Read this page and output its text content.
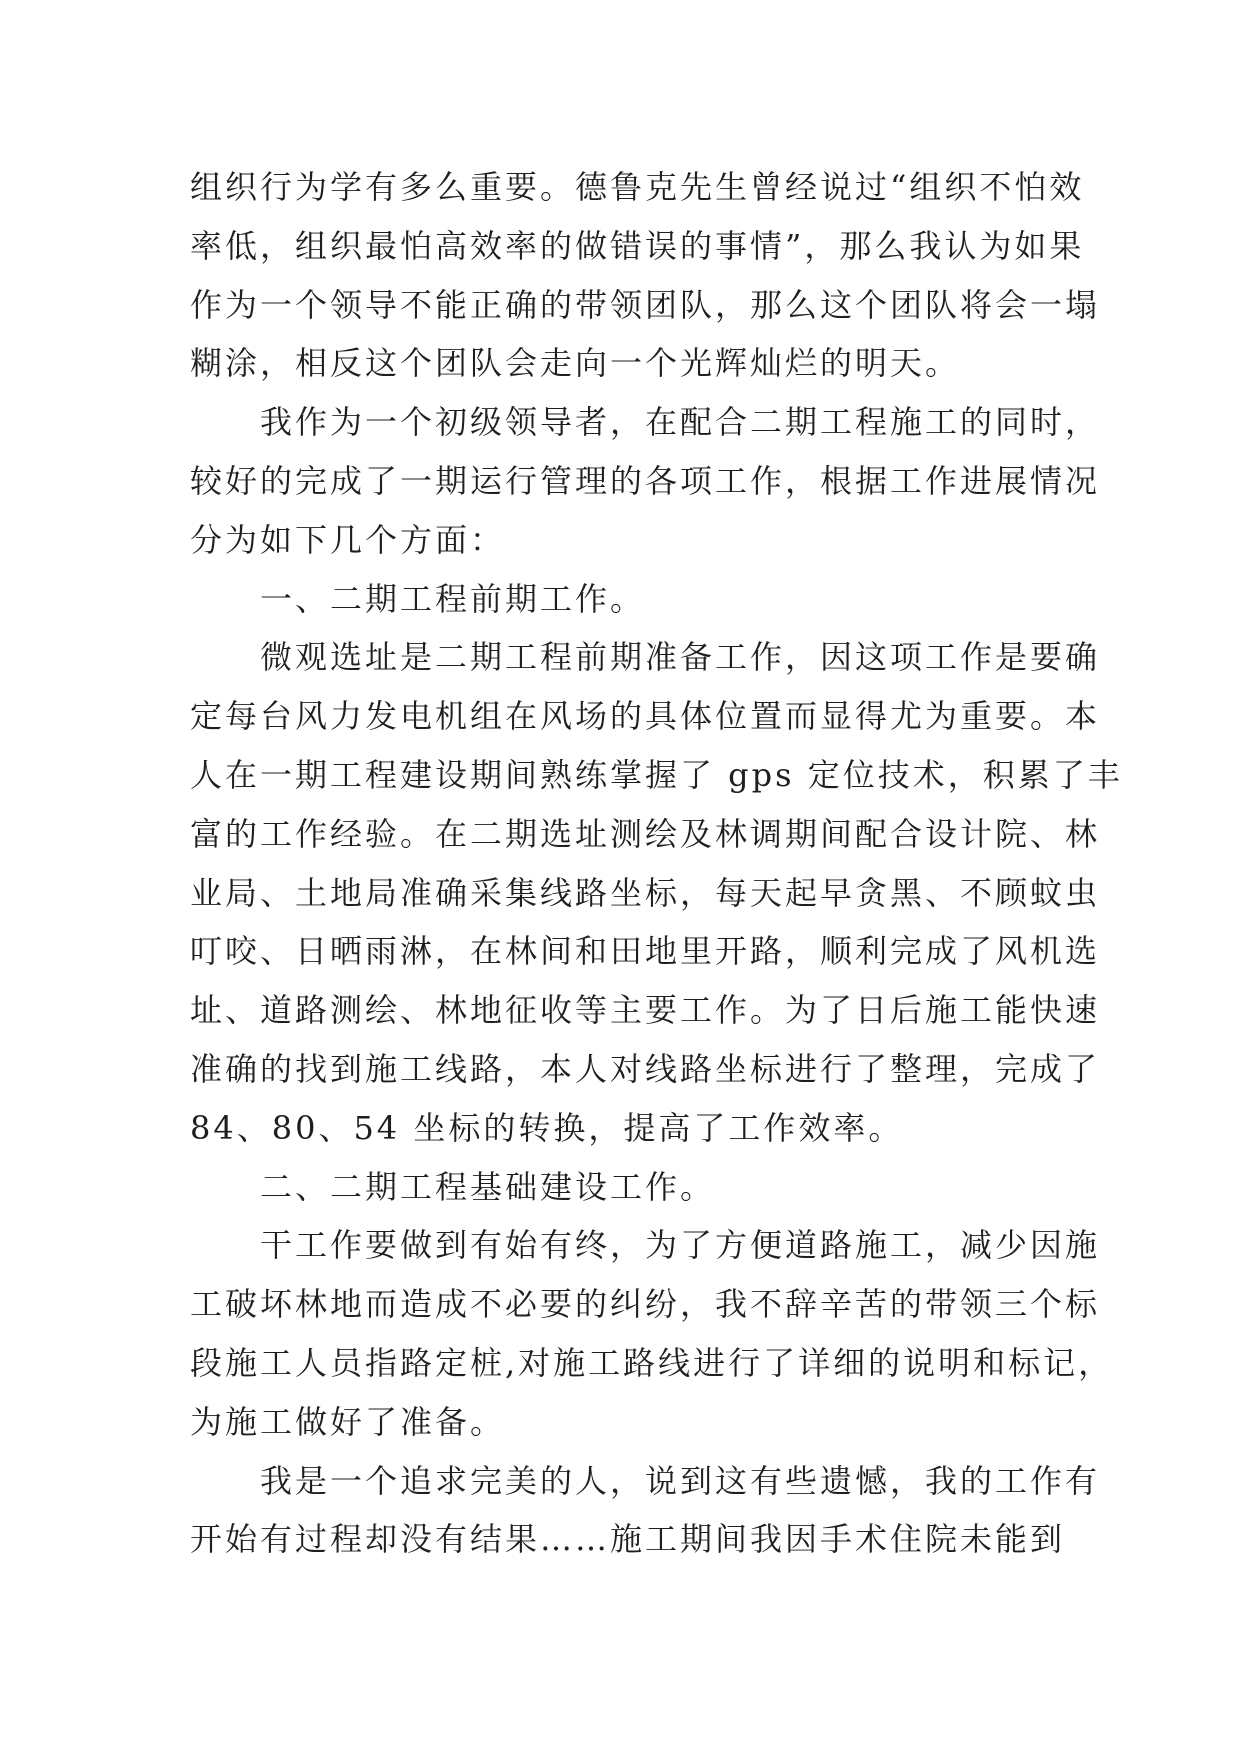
组织行为学有多么重要。德鲁克先生曾经说过“组织不怕效
率低，组织最怕高效率的做错误的事情”，那么我认为如果
作为一个领导不能正确的带领团队，那么这个团队将会一塌
糊涂，相反这个团队会走向一个光辉灿烂的明天。
我作为一个初级领导者，在配合二期工程施工的同时，
较好的完成了一期运行管理的各项工作，根据工作进展情况
分为如下几个方面：
一、二期工程前期工作。
微观选址是二期工程前期准备工作，因这项工作是要确
定每台风力发电机组在风场的具体位置而显得尤为重要。本
人在一期工程建设期间熟练掌握了 gps 定位技术，积累了丰
富的工作经验。在二期选址测绘及林调期间配合设计院、林
业局、土地局准确采集线路坐标，每天起早贪黑、不顾蚊虫
叮咬、日晒雨淋，在林间和田地里开路，顺利完成了风机选
址、道路测绘、林地征收等主要工作。为了日后施工能快速
准确的找到施工线路，本人对线路坐标进行了整理，完成了
84、80、54 坐标的转换，提高了工作效率。
二、二期工程基础建设工作。
干工作要做到有始有终，为了方便道路施工，减少因施
工破坏林地而造成不必要的纠纷，我不辞辛苦的带领三个标
段施工人员指路定桩,对施工路线进行了详细的说明和标记，
为施工做好了准备。
我是一个追求完美的人，说到这有些遗憾，我的工作有
开始有过程却没有结果……施工期间我因手术住院未能到
